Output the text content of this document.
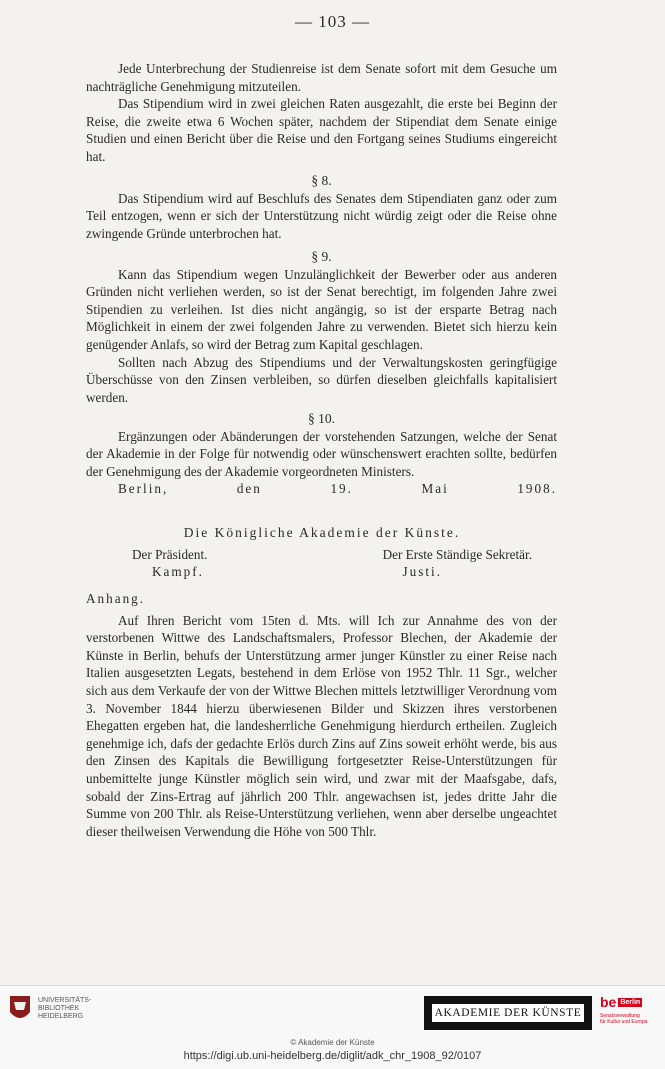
— 103 —

Jede Unterbrechung der Studienreise ist dem Senate sofort mit dem Gesuche um nachträgliche Genehmigung mitzuteilen.

Das Stipendium wird in zwei gleichen Raten ausgezahlt, die erste bei Beginn der Reise, die zweite etwa 6 Wochen später, nachdem der Stipendiat dem Senate einige Studien und einen Bericht über die Reise und den Fortgang seines Studiums eingereicht hat.

§ 8.

Das Stipendium wird auf Beschlufs des Senates dem Stipendiaten ganz oder zum Teil entzogen, wenn er sich der Unterstützung nicht würdig zeigt oder die Reise ohne zwingende Gründe unterbrochen hat.

§ 9.

Kann das Stipendium wegen Unzulänglichkeit der Bewerber oder aus anderen Gründen nicht verliehen werden, so ist der Senat berechtigt, im folgenden Jahre zwei Stipendien zu verleihen. Ist dies nicht angängig, so ist der ersparte Betrag nach Möglichkeit in einem der zwei folgenden Jahre zu verwenden. Bietet sich hierzu kein genügender Anlafs, so wird der Betrag zum Kapital geschlagen.

Sollten nach Abzug des Stipendiums und der Verwaltungskosten geringfügige Überschüsse von den Zinsen verbleiben, so dürfen dieselben gleichfalls kapitalisiert werden.

§ 10.

Ergänzungen oder Abänderungen der vorstehenden Satzungen, welche der Senat der Akademie in der Folge für notwendig oder wünschenswert erachten sollte, bedürfen der Genehmigung des der Akademie vorgeordneten Ministers.

Berlin, den 19. Mai 1908.

Die Königliche Akademie der Künste.

Der Präsident.	Der Erste Ständige Sekretär.
Kampf.	Justi.

Anhang.

Auf Ihren Bericht vom 15ten d. Mts. will Ich zur Annahme des von der verstorbenen Wittwe des Landschaftsmalers, Professor Blechen, der Akademie der Künste in Berlin, behufs der Unterstützung armer junger Künstler zu einer Reise nach Italien ausgesetzten Legats, bestehend in dem Erlöse von 1952 Thlr. 11 Sgr., welcher sich aus dem Verkaufe der von der Wittwe Blechen mittels letztwilliger Verordnung vom 3. November 1844 hierzu überwiesenen Bilder und Skizzen ihres verstorbenen Ehegatten ergeben hat, die landesherrliche Genehmigung hierdurch ertheilen. Zugleich genehmige ich, dafs der gedachte Erlös durch Zins auf Zins soweit erhöht werde, bis aus den Zinsen des Kapitals die Bewilligung fortgesetzter Reise-Unterstützungen für unbemittelte junge Künstler möglich sein wird, und zwar mit der Maafsgabe, dafs, sobald der Zins-Ertrag auf jährlich 200 Thlr. angewachsen ist, jedes dritte Jahr die Summe von 200 Thlr. als Reise-Unterstützung verliehen, wenn aber derselbe ungeachtet dieser theilweisen Verwendung die Höhe von 500 Thlr.

UNIVERSITÄTS-
BIBLIOTHEK
HEIDELBERG	AKADEMIE DER KÜNSTE
be Berlin
Senatsverwaltung
für Kultur und Europa
© Akademie der Künste
https://digi.ub.uni-heidelberg.de/diglit/adk_chr_1908_92/0107
